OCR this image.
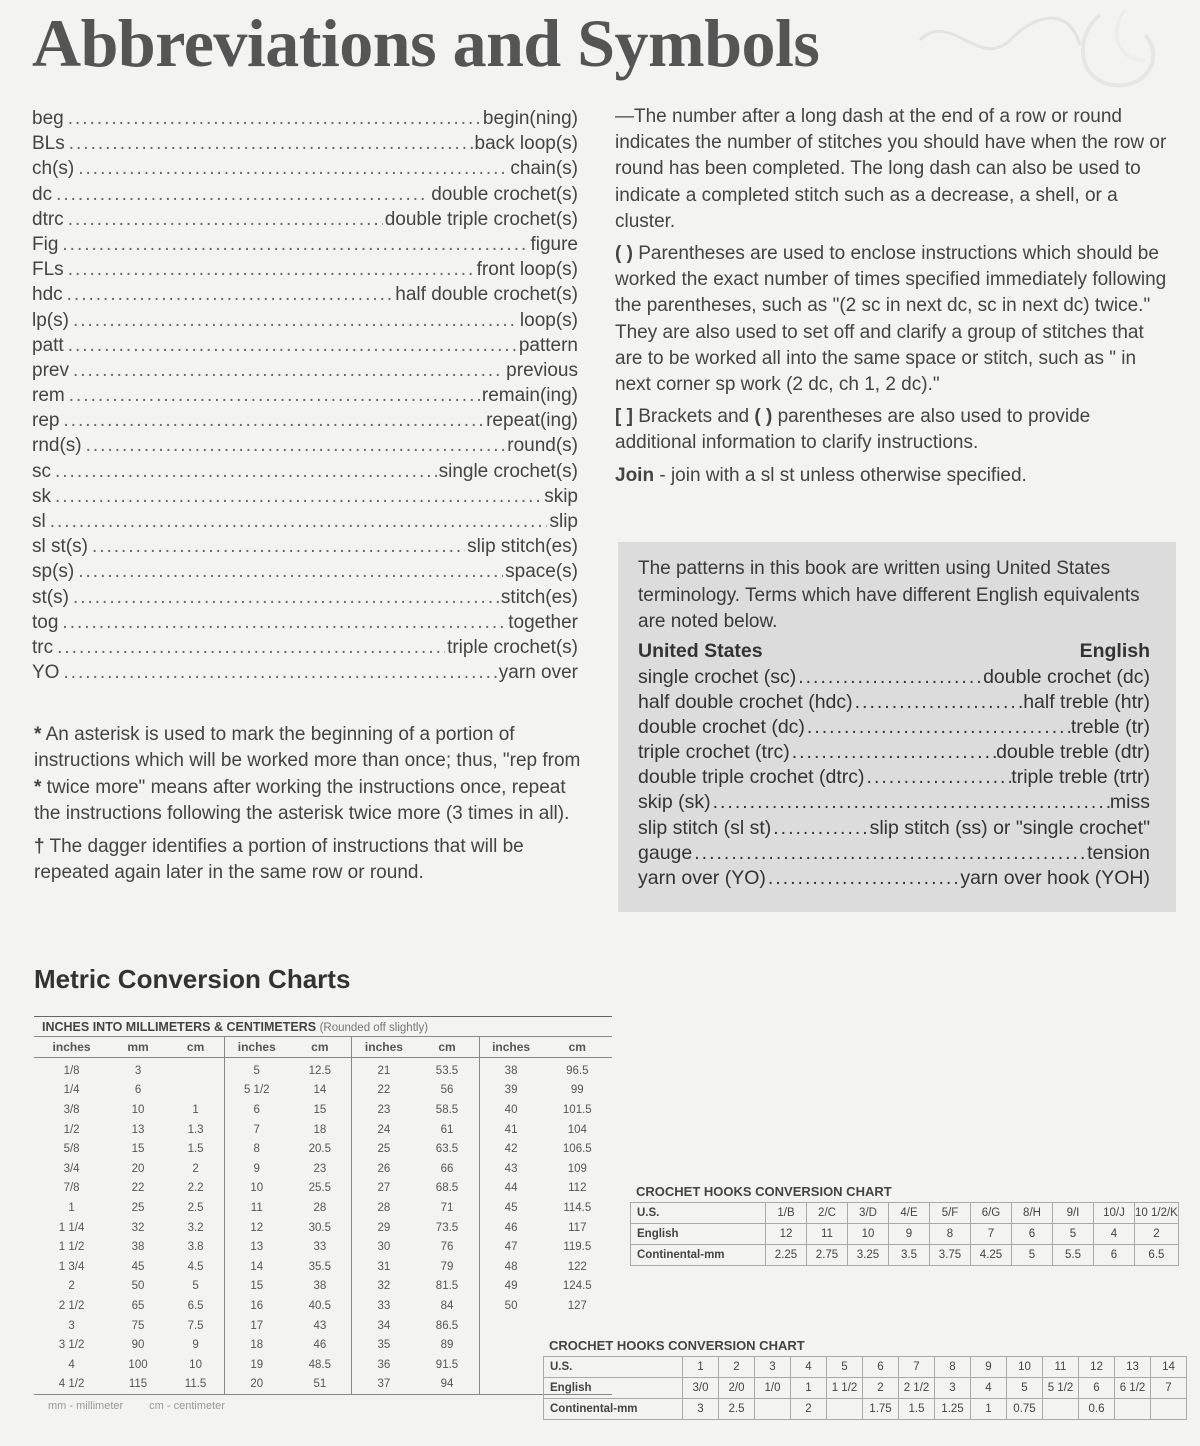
Abbreviations and Symbols
beg .....	begin(ning)
BLs .....	back loop(s)
ch(s) .....	chain(s)
dc .....	double crochet(s)
dtrc .....	double triple crochet(s)
Fig .....	figure
FLs .....	front loop(s)
hdc .....	half double crochet(s)
lp(s) .....	loop(s)
patt .....	pattern
prev .....	previous
rem .....	remain(ing)
rep .....	repeat(ing)
rnd(s) .....	round(s)
sc .....	single crochet(s)
sk .....	skip
sl .....	slip
sl st(s) .....	slip stitch(es)
sp(s) .....	space(s)
st(s) .....	stitch(es)
tog .....	together
trc .....	triple crochet(s)
YO .....	yarn over

* An asterisk is used to mark the beginning of a portion of instructions which will be worked more than once; thus, "rep from * twice more" means after working the instructions once, repeat the instructions following the asterisk twice more (3 times in all).

† The dagger identifies a portion of instructions that will be repeated again later in the same row or round.

—The number after a long dash at the end of a row or round indicates the number of stitches you should have when the row or round has been completed. The long dash can also be used to indicate a completed stitch such as a decrease, a shell, or a cluster.

( ) Parentheses are used to enclose instructions which should be worked the exact number of times specified immediately following the parentheses, such as "(2 sc in next dc, sc in next dc) twice." They are also used to set off and clarify a group of stitches that are to be worked all into the same space or stitch, such as " in next corner sp work (2 dc, ch 1, 2 dc)."

[ ] Brackets and ( ) parentheses are also used to provide additional information to clarify instructions.

Join - join with a sl st unless otherwise specified.

The patterns in this book are written using United States terminology. Terms which have different English equivalents are noted below.

United States	English
single crochet (sc) .....	double crochet (dc)
half double crochet (hdc) .....	half treble (htr)
double crochet (dc) .....	treble (tr)
triple crochet (trc) .....	double treble (dtr)
double triple crochet (dtrc) .....	triple treble (trtr)
skip (sk) .....	miss
slip stitch (sl st) .....	slip stitch (ss) or "single crochet"
gauge .....	tension
yarn over (YO) .....	yarn over hook (YOH)
Metric Conversion Charts
INCHES INTO MILLIMETERS & CENTIMETERS (Rounded off slightly)
inches	mm	cm	inches	cm	inches	cm	inches	cm
1/8	3		5	12.5	21	53.5	38	96.5
1/4	6		5 1/2	14	22	56	39	99
3/8	10	1	6	15	23	58.5	40	101.5
1/2	13	1.3	7	18	24	61	41	104
5/8	15	1.5	8	20.5	25	63.5	42	106.5
3/4	20	2	9	23	26	66	43	109
7/8	22	2.2	10	25.5	27	68.5	44	112
1	25	2.5	11	28	28	71	45	114.5
1 1/4	32	3.2	12	30.5	29	73.5	46	117
1 1/2	38	3.8	13	33	30	76	47	119.5
1 3/4	45	4.5	14	35.5	31	79	48	122
2	50	5	15	38	32	81.5	49	124.5
2 1/2	65	6.5	16	40.5	33	84	50	127
3	75	7.5	17	43	34	86.5		
3 1/2	90	9	18	46	35	89		
4	100	10	19	48.5	36	91.5		
4 1/2	115	11.5	20	51	37	94		
mm - millimeter cm - centimeter
CROCHET HOOKS CONVERSION CHART
U.S.	1/B	2/C	3/D	4/E	5/F	6/G	8/H	9/I	10/J	10 1/2/K
English	12	11	10	9	8	7	6	5	4	2
Continental-mm	2.25	2.75	3.25	3.5	3.75	4.25	5	5.5	6	6.5
CROCHET HOOKS CONVERSION CHART
U.S.	1	2	3	4	5	6	7	8	9	10	11	12	13	14
English	3/0	2/0	1/0	1	1 1/2	2	2 1/2	3	4	5	5 1/2	6	6 1/2	7
Continental-mm	3	2.5		2		1.75	1.5	1.25	1	0.75		0.6		
